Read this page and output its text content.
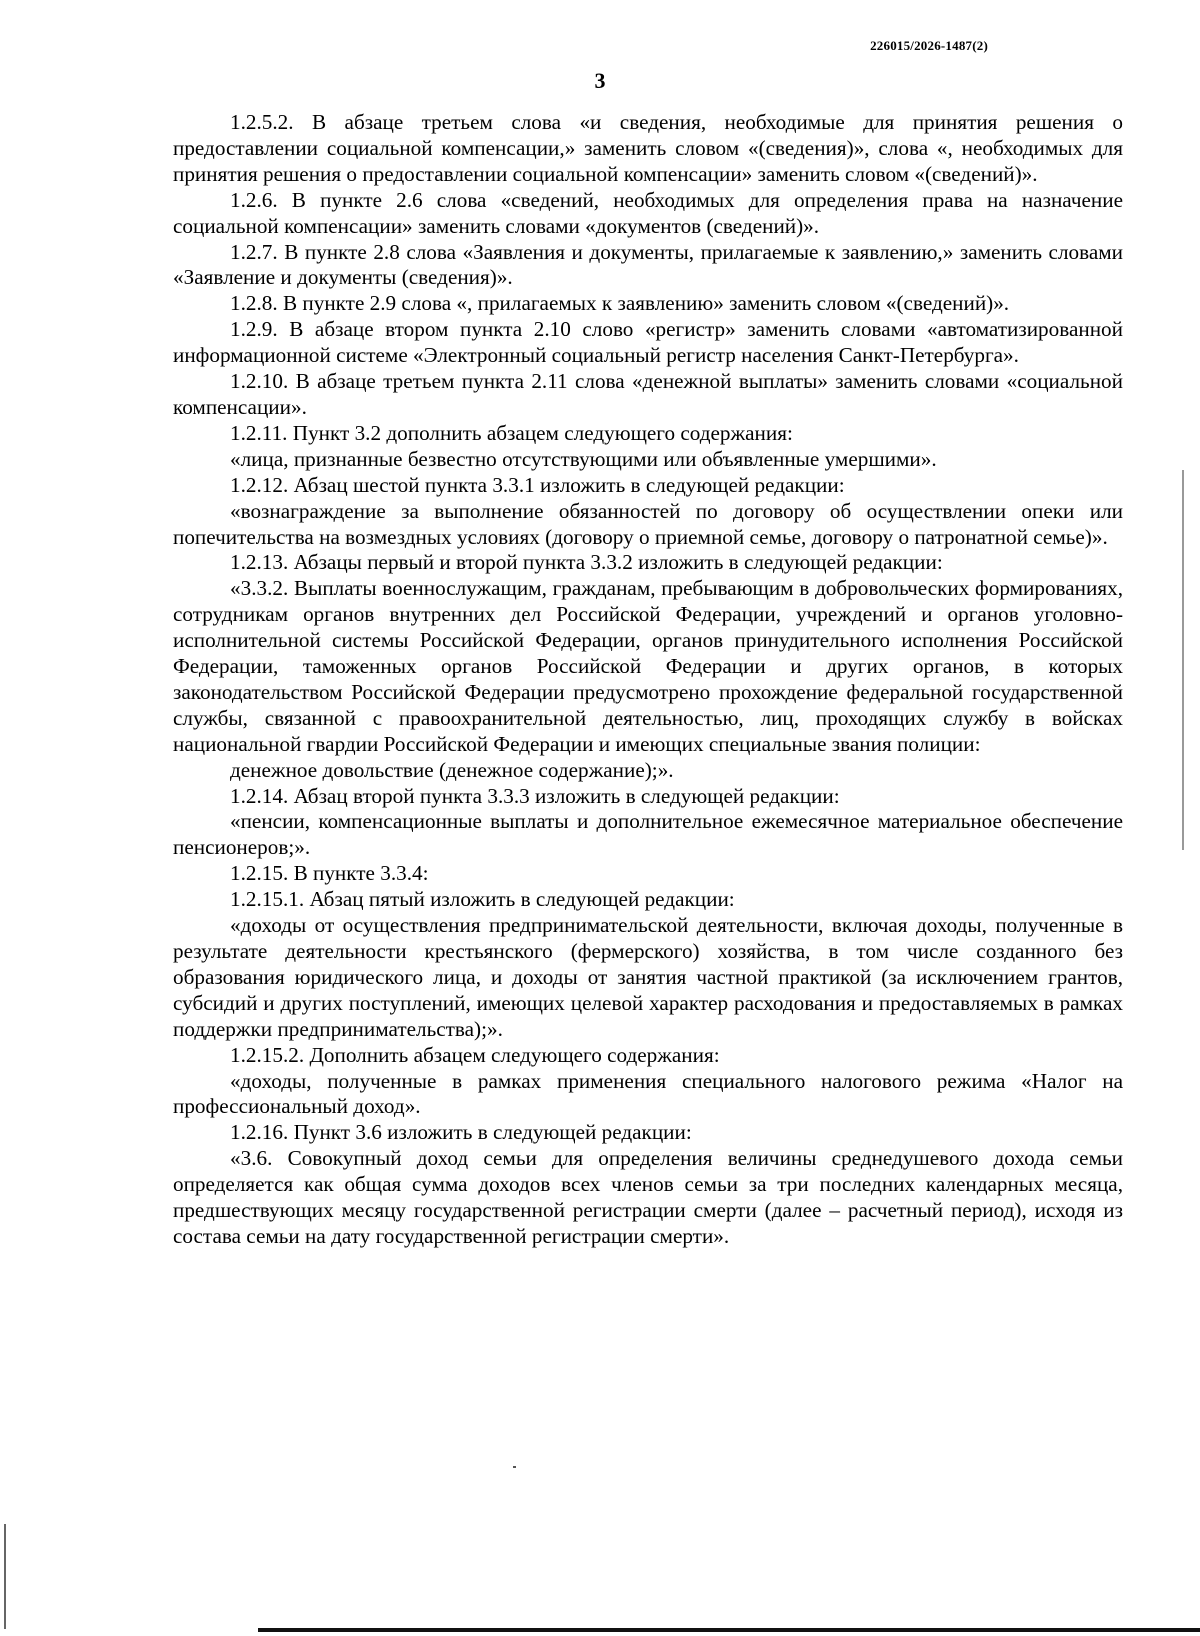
226015/2026-1487(2)
3

1.2.5.2. В абзаце третьем слова «и сведения, необходимые для принятия решения о предоставлении социальной компенсации,» заменить словом «(сведения)», слова «, необходимых для принятия решения о предоставлении социальной компенсации» заменить словом «(сведений)».

1.2.6. В пункте 2.6 слова «сведений, необходимых для определения права на назначение социальной компенсации» заменить словами «документов (сведений)».

1.2.7. В пункте 2.8 слова «Заявления и документы, прилагаемые к заявлению,» заменить словами «Заявление и документы (сведения)».

1.2.8. В пункте 2.9 слова «, прилагаемых к заявлению» заменить словом «(сведений)».

1.2.9. В абзаце втором пункта 2.10 слово «регистр» заменить словами «автоматизированной информационной системе «Электронный социальный регистр населения Санкт-Петербурга».

1.2.10. В абзаце третьем пункта 2.11 слова «денежной выплаты» заменить словами «социальной компенсации».

1.2.11. Пункт 3.2 дополнить абзацем следующего содержания:

«лица, признанные безвестно отсутствующими или объявленные умершими».

1.2.12. Абзац шестой пункта 3.3.1 изложить в следующей редакции:

«вознаграждение за выполнение обязанностей по договору об осуществлении опеки или попечительства на возмездных условиях (договору о приемной семье, договору о патронатной семье)».

1.2.13. Абзацы первый и второй пункта 3.3.2 изложить в следующей редакции:

«3.3.2. Выплаты военнослужащим, гражданам, пребывающим в добровольческих формированиях, сотрудникам органов внутренних дел Российской Федерации, учреждений и органов уголовно-исполнительной системы Российской Федерации, органов принудительного исполнения Российской Федерации, таможенных органов Российской Федерации и других органов, в которых законодательством Российской Федерации предусмотрено прохождение федеральной государственной службы, связанной с правоохранительной деятельностью, лиц, проходящих службу в войсках национальной гвардии Российской Федерации и имеющих специальные звания полиции:

денежное довольствие (денежное содержание);».

1.2.14. Абзац второй пункта 3.3.3 изложить в следующей редакции:

«пенсии, компенсационные выплаты и дополнительное ежемесячное материальное обеспечение пенсионеров;».

1.2.15. В пункте 3.3.4:

1.2.15.1. Абзац пятый изложить в следующей редакции:

«доходы от осуществления предпринимательской деятельности, включая доходы, полученные в результате деятельности крестьянского (фермерского) хозяйства, в том числе созданного без образования юридического лица, и доходы от занятия частной практикой (за исключением грантов, субсидий и других поступлений, имеющих целевой характер расходования и предоставляемых в рамках поддержки предпринимательства);».

1.2.15.2. Дополнить абзацем следующего содержания:

«доходы, полученные в рамках применения специального налогового режима «Налог на профессиональный доход».

1.2.16. Пункт 3.6 изложить в следующей редакции:

«3.6. Совокупный доход семьи для определения величины среднедушевого дохода семьи определяется как общая сумма доходов всех членов семьи за три последних календарных месяца, предшествующих месяцу государственной регистрации смерти (далее – расчетный период), исходя из состава семьи на дату государственной регистрации смерти».
